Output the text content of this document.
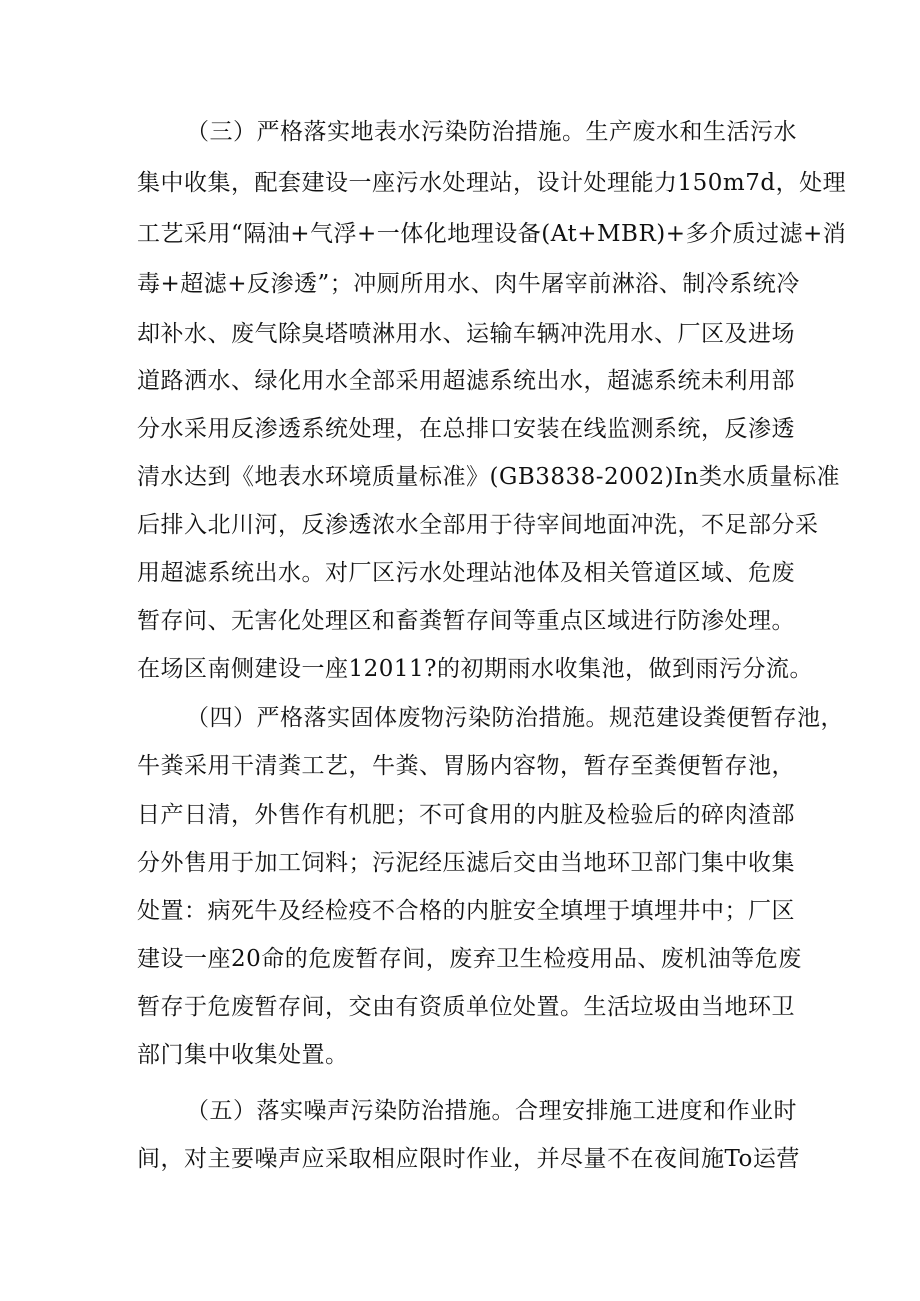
（三）严格落实地表水污染防治措施。生产废水和生活污水
集中收集，配套建设一座污水处理站，设计处理能力150m7d，处理
工艺采用“隔油+气浮+一体化地理设备(At+MBR)+多介质过滤+消
毒+超滤+反渗透”；冲厕所用水、肉牛屠宰前淋浴、制冷系统冷
却补水、废气除臭塔喷淋用水、运输车辆冲洗用水、厂区及进场
道路洒水、绿化用水全部采用超滤系统出水，超滤系统未利用部
分水采用反渗透系统处理，在总排口安装在线监测系统，反渗透
清水达到《地表水环境质量标准》(GB3838-2002)In类水质量标准
后排入北川河，反渗透浓水全部用于待宰间地面冲洗，不足部分采
用超滤系统出水。对厂区污水处理站池体及相关管道区域、危废
暂存问、无害化处理区和畜粪暂存间等重点区域进行防渗处理。
在场区南侧建设一座12011?的初期雨水收集池，做到雨污分流。
（四）严格落实固体废物污染防治措施。规范建设粪便暂存池，
牛粪采用干清粪工艺，牛粪、胃肠内容物，暂存至粪便暂存池，
日产日清，外售作有机肥；不可食用的内脏及检验后的碎肉渣部
分外售用于加工饲料；污泥经压滤后交由当地环卫部门集中收集
处置：病死牛及经检疫不合格的内脏安全填埋于填埋井中；厂区
建设一座20命的危废暂存间，废弃卫生检疫用品、废机油等危废
暂存于危废暂存间，交由有资质单位处置。生活垃圾由当地环卫
部门集中收集处置。
（五）落实噪声污染防治措施。合理安排施工进度和作业时
间，对主要噪声应采取相应限时作业，并尽量不在夜间施To运营
